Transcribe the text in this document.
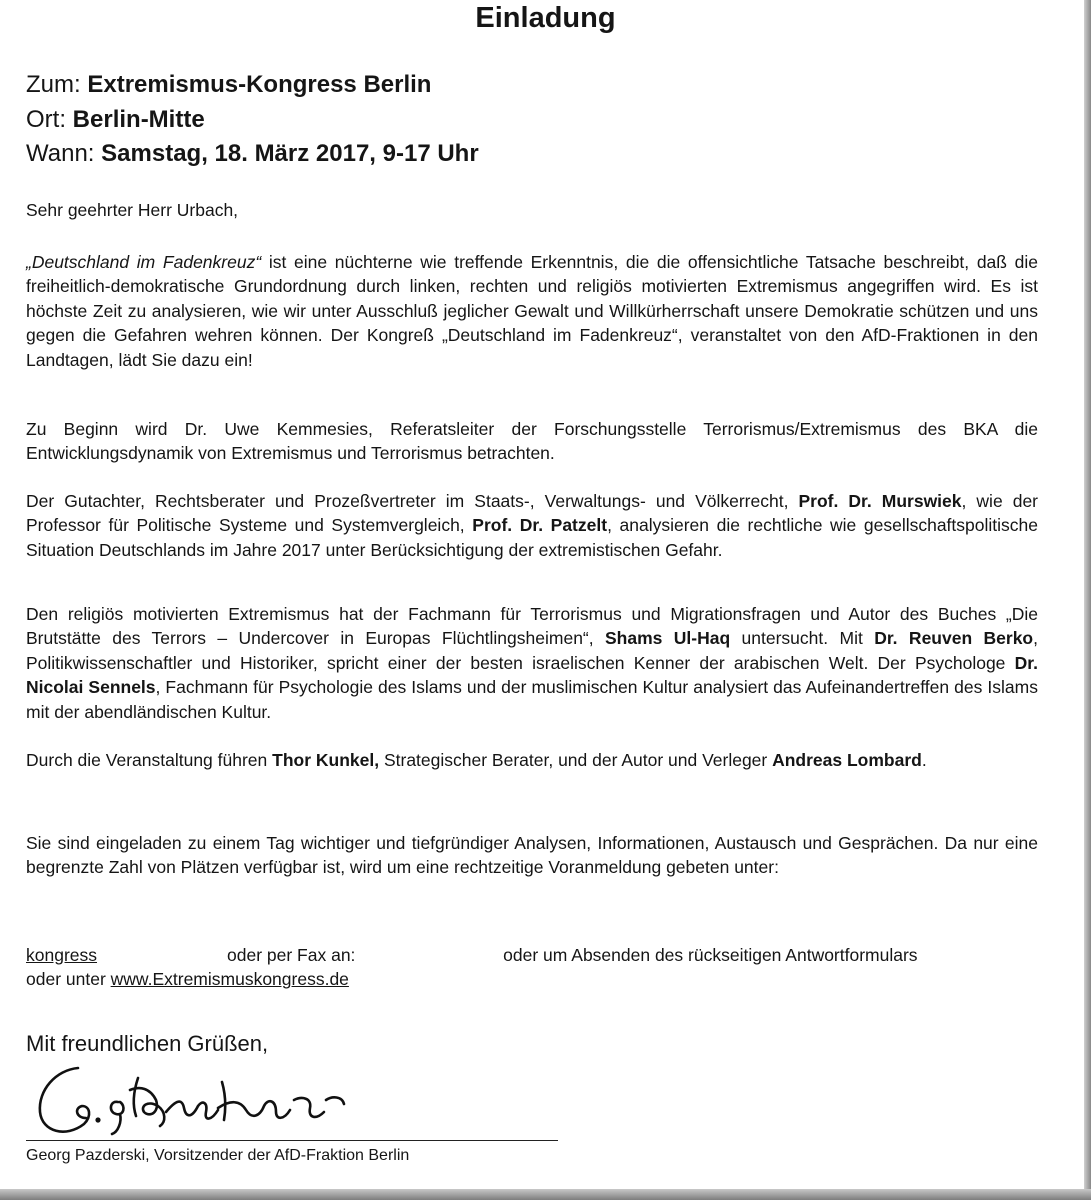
Einladung
Zum: Extremismus-Kongress Berlin
Ort: Berlin-Mitte
Wann: Samstag, 18. März 2017, 9-17 Uhr
Sehr geehrter Herr Urbach,
„Deutschland im Fadenkreuz“ ist eine nüchterne wie treffende Erkenntnis, die die offensichtliche Tatsache beschreibt, daß die freiheitlich-demokratische Grundordnung durch linken, rechten und religiös motivierten Extremismus angegriffen wird. Es ist höchste Zeit zu analysieren, wie wir unter Ausschluß jeglicher Gewalt und Willkürherrschaft unsere Demokratie schützen und uns gegen die Gefahren wehren können. Der Kongreß „Deutschland im Fadenkreuz“, veranstaltet von den AfD-Fraktionen in den Landtagen, lädt Sie dazu ein!
Zu Beginn wird Dr. Uwe Kemmesies, Referatsleiter der Forschungsstelle Terrorismus/Extremismus des BKA die Entwicklungsdynamik von Extremismus und Terrorismus betrachten.
Der Gutachter, Rechtsberater und Prozeßvertreter im Staats-, Verwaltungs- und Völkerrecht, Prof. Dr. Murswiek, wie der Professor für Politische Systeme und Systemvergleich, Prof. Dr. Patzelt, analysieren die rechtliche wie gesellschaftspolitische Situation Deutschlands im Jahre 2017 unter Berücksichtigung der extremistischen Gefahr.
Den religiös motivierten Extremismus hat der Fachmann für Terrorismus und Migrationsfragen und Autor des Buches „Die Brutstätte des Terrors – Undercover in Europas Flüchtlingsheimen“, Shams Ul-Haq untersucht. Mit Dr. Reuven Berko, Politikwissenschaftler und Historiker, spricht einer der besten israelischen Kenner der arabischen Welt. Der Psychologe Dr. Nicolai Sennels, Fachmann für Psychologie des Islams und der muslimischen Kultur analysiert das Aufeinandertreffen des Islams mit der abendländischen Kultur.
Durch die Veranstaltung führen Thor Kunkel, Strategischer Berater, und der Autor und Verleger Andreas Lombard.
Sie sind eingeladen zu einem Tag wichtiger und tiefgründiger Analysen, Informationen, Austausch und Gesprächen. Da nur eine begrenzte Zahl von Plätzen verfügbar ist, wird um eine rechtzeitige Voranmeldung gebeten unter:
kongress	oder per Fax an:	oder um Absenden des rückseitigen Antwortformulars
oder unter www.Extremismuskongress.de
Mit freundlichen Grüßen,
Georg Pazderski, Vorsitzender der AfD-Fraktion Berlin
